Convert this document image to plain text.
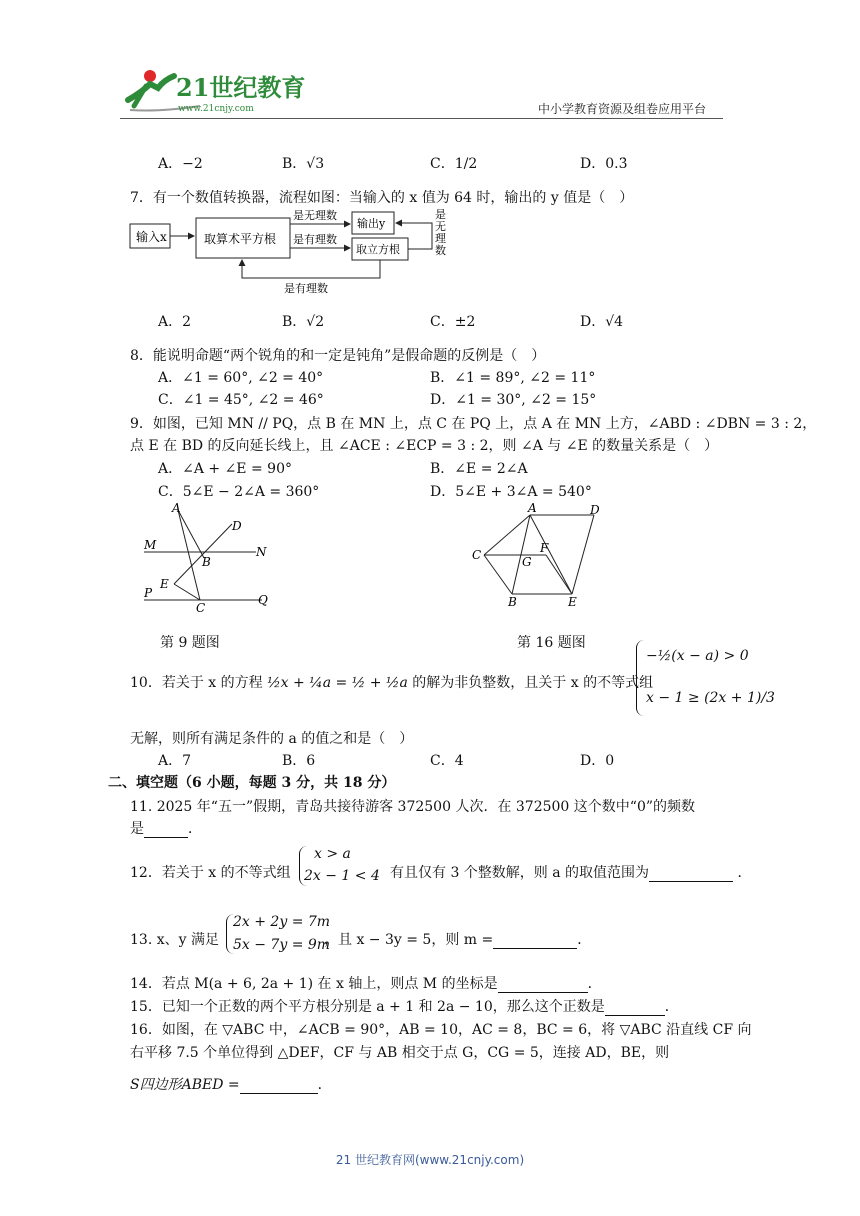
21世纪教育
www.21cnjy.com	中小学教育资源及组卷应用平台
A．−2	B．√3	C．1/2	D．0.3̇
7．有一个数值转换器，流程如图：当输入的 x 值为 64 时，输出的 y 值是（　）
输入x	取算术平方根
是无理数
是有理数
输出y
取立方根
是无理数
是有理数
A．2	B．√2	C．±2	D．√4
8．能说明命题“两个锐角的和一定是钝角”是假命题的反例是（　）
A．∠1 = 60°, ∠2 = 40°	B．∠1 = 89°, ∠2 = 11°
C．∠1 = 45°, ∠2 = 46°	D．∠1 = 30°, ∠2 = 15°
9．如图，已知 MN // PQ，点 B 在 MN 上，点 C 在 PQ 上，点 A 在 MN 上方，∠ABD : ∠DBN = 3 : 2，
点 E 在 BD 的反向延长线上，且 ∠ACE : ∠ECP = 3 : 2，则 ∠A 与 ∠E 的数量关系是（　）
A．∠A + ∠E = 90°	B．∠E = 2∠A
C．5∠E − 2∠A = 360°	D．5∠E + 3∠A = 540°
A
D
M
B
N
E
P
C
Q
第 9 题图
A	D
C	F
G
B	E
第 16 题图
10．若关于 x 的方程 ½x + ¼a = ½ + ½a 的解为非负整数，且关于 x 的不等式组
−½(x − a) > 0
x − 1 ≥ (2x + 1)/3
无解，则所有满足条件的 a 的值之和是（　）
A．7	B．6	C．4	D．0
二、填空题（6 小题，每题 3 分，共 18 分）
11. 2025 年“五一”假期，青岛共接待游客 372500 人次．在 372500 这个数中“0”的频数
是	．
12．若关于 x 的不等式组
x > a
2x − 1 < 4 有且仅有 3 个整数解，则 a 的取值范围为	．
13. x、y 满足
2x + 2y = 7m
5x − 7y = 9m
，且 x − 3y = 5，则 m =	．
14．若点 M(a + 6, 2a + 1) 在 x 轴上，则点 M 的坐标是	．
15．已知一个正数的两个平方根分别是 a + 1 和 2a − 10，那么这个正数是	．
16．如图，在 ▽ABC 中，∠ACB = 90°，AB = 10，AC = 8，BC = 6，将 ▽ABC 沿直线 CF 向
右平移 7.5 个单位得到 △DEF，CF 与 AB 相交于点 G，CG = 5，连接 AD，BE，则
S四边形ABED =	．
21 世纪教育网(www.21cnjy.com)
